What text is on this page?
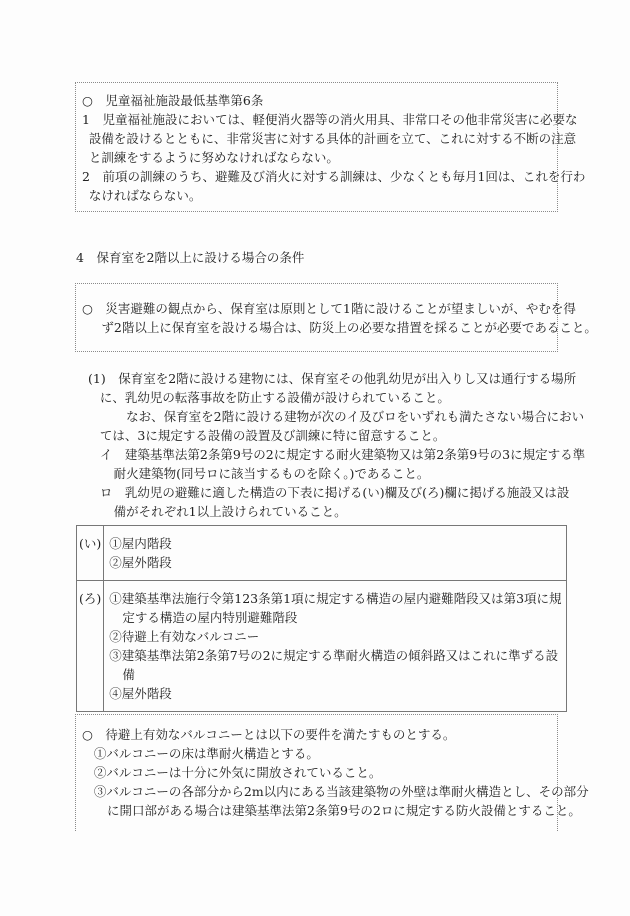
○　児童福祉施設最低基準第6条
1　児童福祉施設においては、軽便消火器等の消火用具、非常口その他非常災害に必要な
設備を設けるとともに、非常災害に対する具体的計画を立て、これに対する不断の注意
と訓練をするように努めなければならない。
2　前項の訓練のうち、避難及び消火に対する訓練は、少なくとも毎月1回は、これを行わ
なければならない。
4　保育室を2階以上に設ける場合の条件
○　災害避難の観点から、保育室は原則として1階に設けることが望ましいが、やむを得
ず2階以上に保育室を設ける場合は、防災上の必要な措置を採ることが必要であること。
(1)　保育室を2階に設ける建物には、保育室その他乳幼児が出入りし又は通行する場所
に、乳幼児の転落事故を防止する設備が設けられていること。
　なお、保育室を2階に設ける建物が次のイ及びロをいずれも満たさない場合におい
ては、3に規定する設備の設置及び訓練に特に留意すること。
イ　建築基準法第2条第9号の2に規定する耐火建築物又は第2条第9号の3に規定する準
耐火建築物(同号ロに該当するものを除く。)であること。
ロ　乳幼児の避難に適した構造の下表に掲げる(い)欄及び(ろ)欄に掲げる施設又は設
備がそれぞれ1以上設けられていること。
(い)	①屋内階段
②屋外階段

(ろ)	①建築基準法施行令第123条第1項に規定する構造の屋内避難階段又は第3項に規
定する構造の屋内特別避難階段
②待避上有効なバルコニー
③建築基準法第2条第7号の2に規定する準耐火構造の傾斜路又はこれに準ずる設
備
④屋外階段
○　待避上有効なバルコニーとは以下の要件を満たすものとする。
①バルコニーの床は準耐火構造とする。
②バルコニーは十分に外気に開放されていること。
③バルコニーの各部分から2m以内にある当該建築物の外壁は準耐火構造とし、その部分
に開口部がある場合は建築基準法第2条第9号の2ロに規定する防火設備とすること。
